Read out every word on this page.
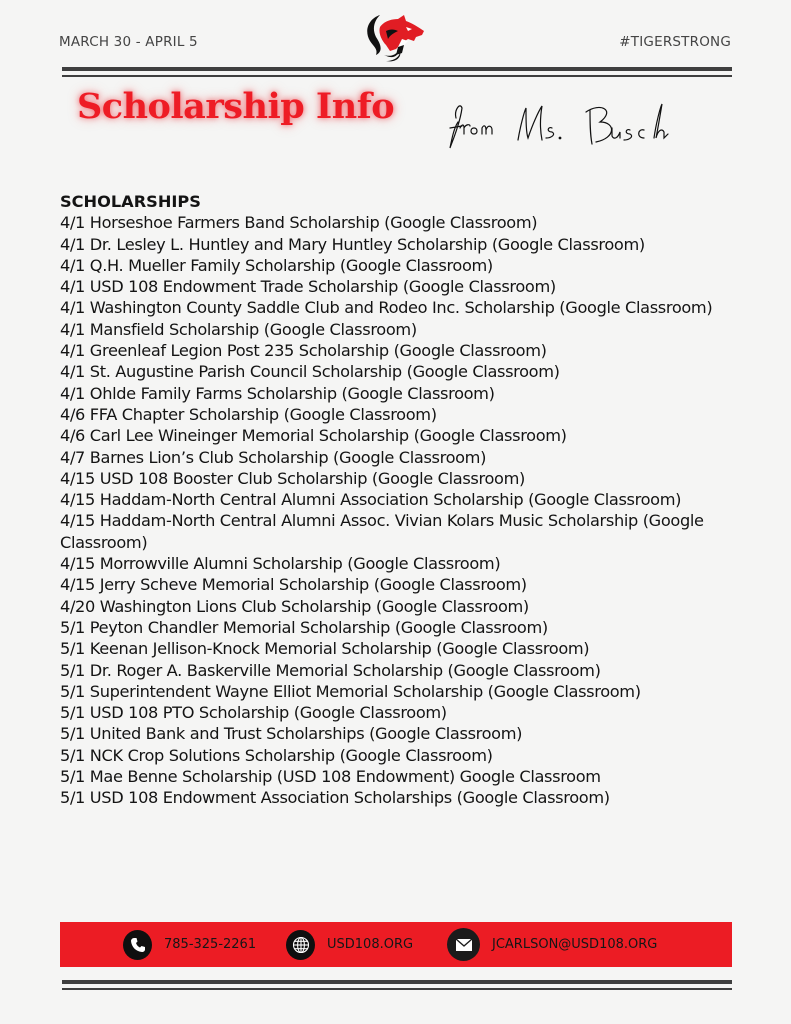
MARCH 30 - APRIL 5	#TIGERSTRONG
Scholarship Info
SCHOLARSHIPS
4/1 Horseshoe Farmers Band Scholarship (Google Classroom)
4/1 Dr. Lesley L. Huntley and Mary Huntley Scholarship (Google Classroom)
4/1 Q.H. Mueller Family Scholarship (Google Classroom)
4/1 USD 108 Endowment Trade Scholarship (Google Classroom)
4/1 Washington County Saddle Club and Rodeo Inc. Scholarship (Google Classroom)
4/1 Mansfield Scholarship (Google Classroom)
4/1 Greenleaf Legion Post 235 Scholarship (Google Classroom)
4/1 St. Augustine Parish Council Scholarship (Google Classroom)
4/1 Ohlde Family Farms Scholarship (Google Classroom)
4/6 FFA Chapter Scholarship (Google Classroom)
4/6 Carl Lee Wineinger Memorial Scholarship (Google Classroom)
4/7 Barnes Lion’s Club Scholarship (Google Classroom)
4/15 USD 108 Booster Club Scholarship (Google Classroom)
4/15 Haddam-North Central Alumni Association Scholarship (Google Classroom)
4/15 Haddam-North Central Alumni Assoc. Vivian Kolars Music Scholarship (Google Classroom)
4/15 Morrowville Alumni Scholarship (Google Classroom)
4/15 Jerry Scheve Memorial Scholarship (Google Classroom)
4/20 Washington Lions Club Scholarship (Google Classroom)
5/1 Peyton Chandler Memorial Scholarship (Google Classroom)
5/1 Keenan Jellison-Knock Memorial Scholarship (Google Classroom)
5/1 Dr. Roger A. Baskerville Memorial Scholarship (Google Classroom)
5/1 Superintendent Wayne Elliot Memorial Scholarship (Google Classroom)
5/1 USD 108 PTO Scholarship (Google Classroom)
5/1 United Bank and Trust Scholarships (Google Classroom)
5/1 NCK Crop Solutions Scholarship (Google Classroom)
5/1 Mae Benne Scholarship (USD 108 Endowment) Google Classroom
5/1 USD 108 Endowment Association Scholarships (Google Classroom)
785-325-2261	USD108.ORG	JCARLSON@USD108.ORG
